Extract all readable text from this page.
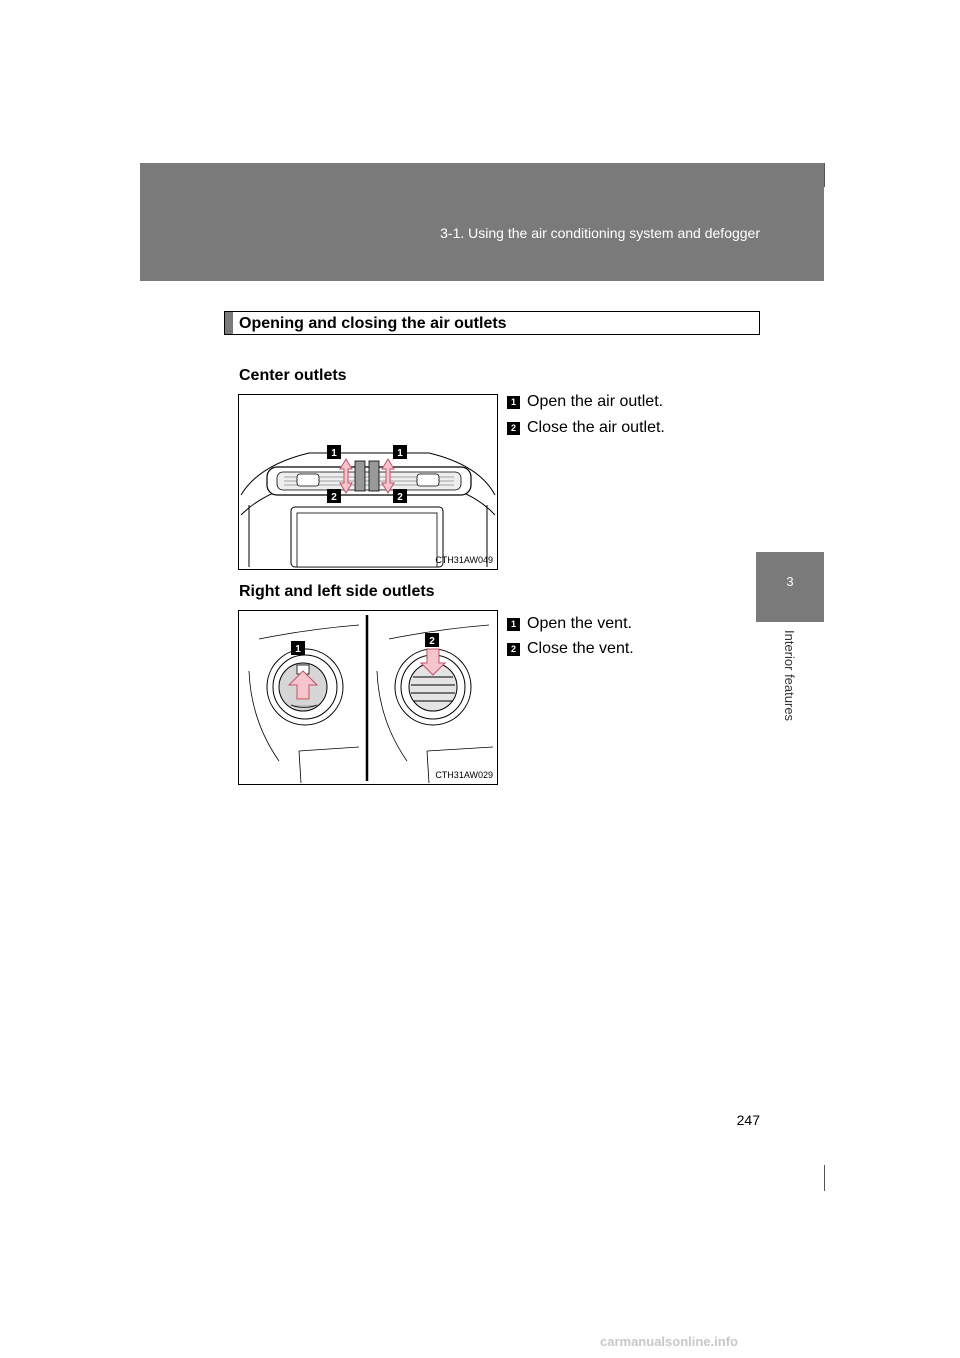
3-1. Using the air conditioning system and defogger
3
Interior features
Opening and closing the air outlets
Center outlets
1	1
2	2
CTH31AW049
1 Open the air outlet.
2 Close the air outlet.
Right and left side outlets
1
2
CTH31AW029
1 Open the vent.
2 Close the vent.
247
carmanualsonline.info
